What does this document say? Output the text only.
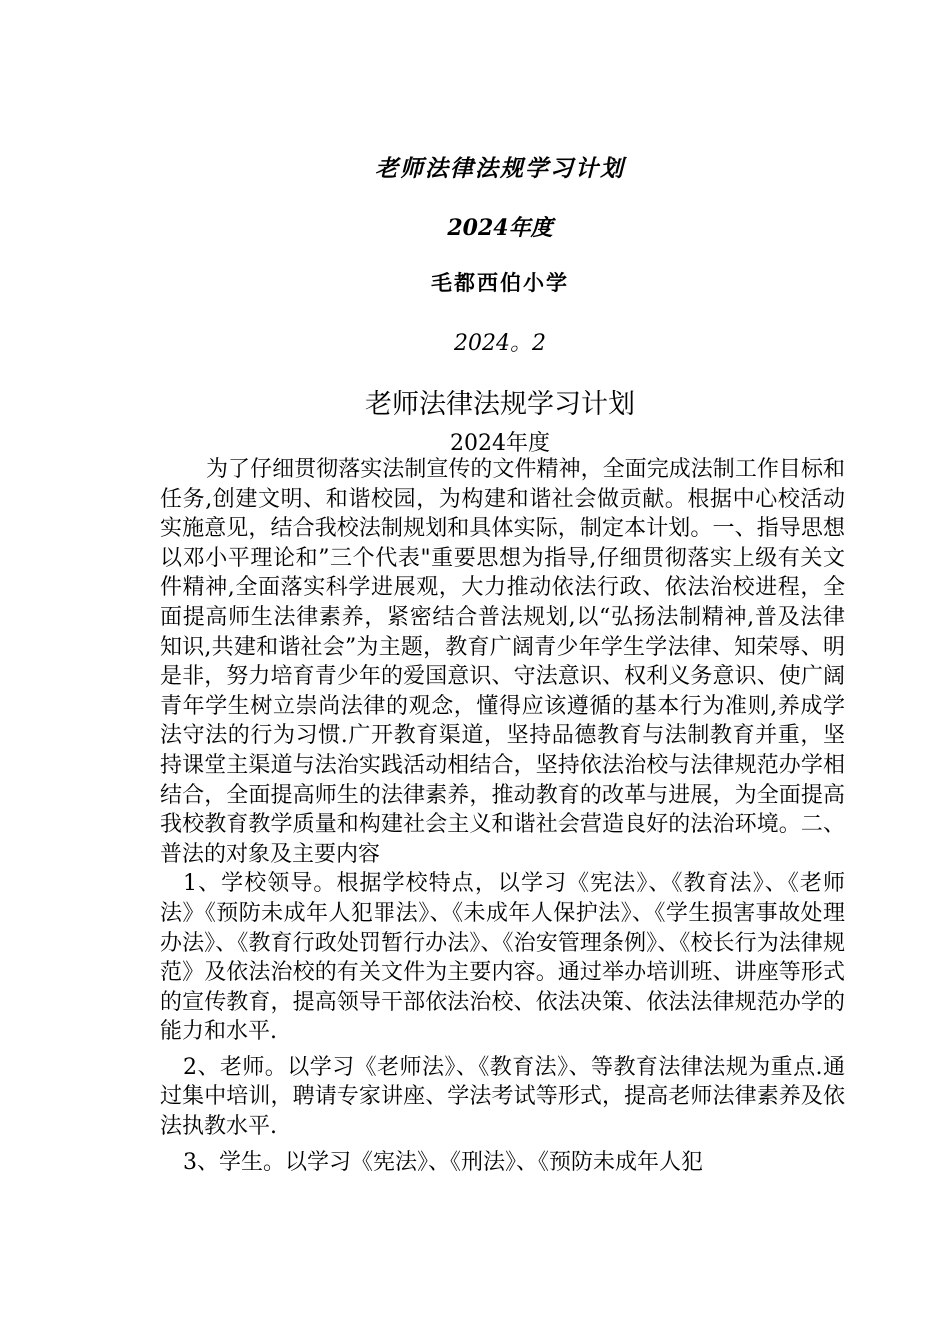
老师法律法规学习计划
2024年度
毛都西伯小学
2024。2
老师法律法规学习计划
2024年度

为了仔细贯彻落实法制宣传的文件精神，全面完成法制工作目标和任务,创建文明、和谐校园，为构建和谐社会做贡献。根据中心校活动实施意见，结合我校法制规划和具体实际，制定本计划。一、指导思想以邓小平理论和”三个代表"重要思想为指导,仔细贯彻落实上级有关文件精神,全面落实科学进展观，大力推动依法行政、依法治校进程，全面提高师生法律素养，紧密结合普法规划,以“弘扬法制精神,普及法律知识,共建和谐社会”为主题，教育广阔青少年学生学法律、知荣辱、明是非，努力培育青少年的爱国意识、守法意识、权利义务意识、使广阔青年学生树立崇尚法律的观念，懂得应该遵循的基本行为准则,养成学法守法的行为习惯.广开教育渠道，坚持品德教育与法制教育并重，坚持课堂主渠道与法治实践活动相结合，坚持依法治校与法律规范办学相结合，全面提高师生的法律素养，推动教育的改革与进展，为全面提高我校教育教学质量和构建社会主义和谐社会营造良好的法治环境。二、普法的对象及主要内容

1、学校领导。根据学校特点，以学习《宪法》、《教育法》、《老师法》《预防未成年人犯罪法》、《未成年人保护法》、《学生损害事故处理办法》、《教育行政处罚暂行办法》、《治安管理条例》、《校长行为法律规范》及依法治校的有关文件为主要内容。通过举办培训班、讲座等形式的宣传教育，提高领导干部依法治校、依法决策、依法法律规范办学的能力和水平.

2、老师。以学习《老师法》、《教育法》、等教育法律法规为重点.通过集中培训，聘请专家讲座、学法考试等形式，提高老师法律素养及依法执教水平.

3、学生。以学习《宪法》、《刑法》、《预防未成年人犯
